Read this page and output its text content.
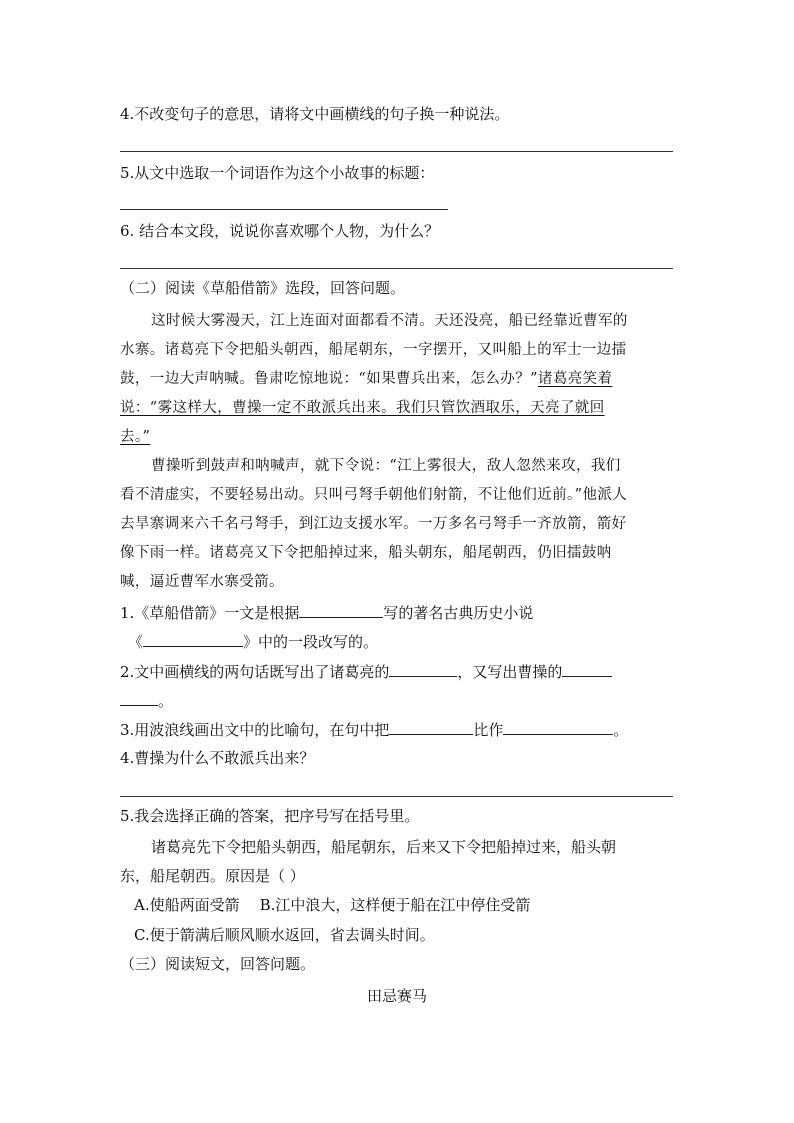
4.不改变句子的意思，请将文中画横线的句子换一种说法。
5.从文中选取一个词语作为这个小故事的标题：
6. 结合本文段，说说你喜欢哪个人物，为什么？
（二）阅读《草船借箭》选段，回答问题。
这时候大雾漫天，江上连面对面都看不清。天还没亮，船已经靠近曹军的
水寨。诸葛亮下令把船头朝西，船尾朝东，一字摆开，又叫船上的军士一边擂
鼓，一边大声呐喊。鲁肃吃惊地说：“如果曹兵出来，怎么办？”诸葛亮笑着
说：“雾这样大，曹操一定不敢派兵出来。我们只管饮酒取乐，天亮了就回
去。”
曹操听到鼓声和呐喊声，就下令说：“江上雾很大，敌人忽然来攻，我们
看不清虚实，不要轻易出动。只叫弓弩手朝他们射箭，不让他们近前。”他派人
去旱寨调来六千名弓弩手，到江边支援水军。一万多名弓弩手一齐放箭，箭好
像下雨一样。诸葛亮又下令把船掉过来，船头朝东，船尾朝西，仍旧擂鼓呐
喊，逼近曹军水寨受箭。
1.《草船借箭》一文是根据	写的著名古典历史小说
《	》中的一段改写的。
2.文中画横线的两句话既写出了诸葛亮的	，又写出曹操的
。
3.用波浪线画出文中的比喻句，在句中把	比作	。
4.曹操为什么不敢派兵出来？
5.我会选择正确的答案，把序号写在括号里。
诸葛亮先下令把船头朝西，船尾朝东，后来又下令把船掉过来，船头朝
东，船尾朝西。原因是（ ）
A.使船两面受箭 B.江中浪大，这样便于船在江中停住受箭
C.便于箭满后顺风顺水返回，省去调头时间。
（三）阅读短文，回答问题。
田忌赛马
